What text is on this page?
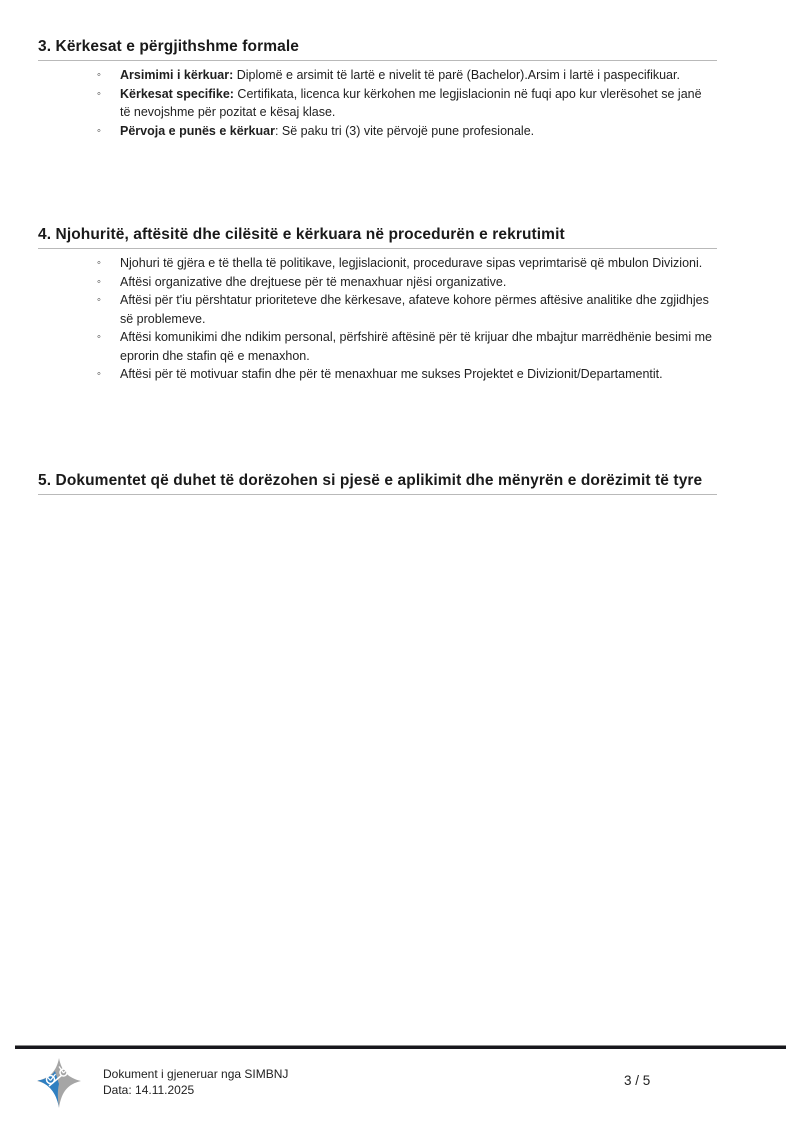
3. Kërkesat e përgjithshme formale
◦	Arsimimi i kërkuar: Diplomë e arsimit të lartë e nivelit të parë (Bachelor).Arsim i lartë i paspecifikuar.
◦	Kërkesat specifike: Certifikata, licenca kur kërkohen me legjislacionin në fuqi apo kur vlerësohet se janë të nevojshme për pozitat e kësaj klase.
◦	Përvoja e punës e kërkuar: Së paku tri (3) vite përvojë pune profesionale.
4. Njohuritë, aftësitë dhe cilësitë e kërkuara në procedurën e rekrutimit
◦	Njohuri të gjëra e të thella të politikave, legjislacionit, procedurave sipas veprimtarisë që mbulon Divizioni.
◦	Aftësi organizative dhe drejtuese për të menaxhuar njësi organizative.
◦	Aftësi për t'iu përshtatur prioriteteve dhe kërkesave, afateve kohore përmes aftësive analitike dhe zgjidhjes së problemeve.
◦	Aftësi komunikimi dhe ndikim personal, përfshirë aftësinë për të krijuar dhe mbajtur marrëdhënie besimi me eprorin dhe stafin që e menaxhon.
◦	Aftësi për të motivuar stafin dhe për të menaxhuar me sukses Projektet e Divizionit/Departamentit.
5. Dokumentet që duhet të dorëzohen si pjesë e aplikimit dhe mënyrën e dorëzimit të tyre
Dokument i gjeneruar nga SIMBNJ
Data: 14.11.2025
3 / 5
